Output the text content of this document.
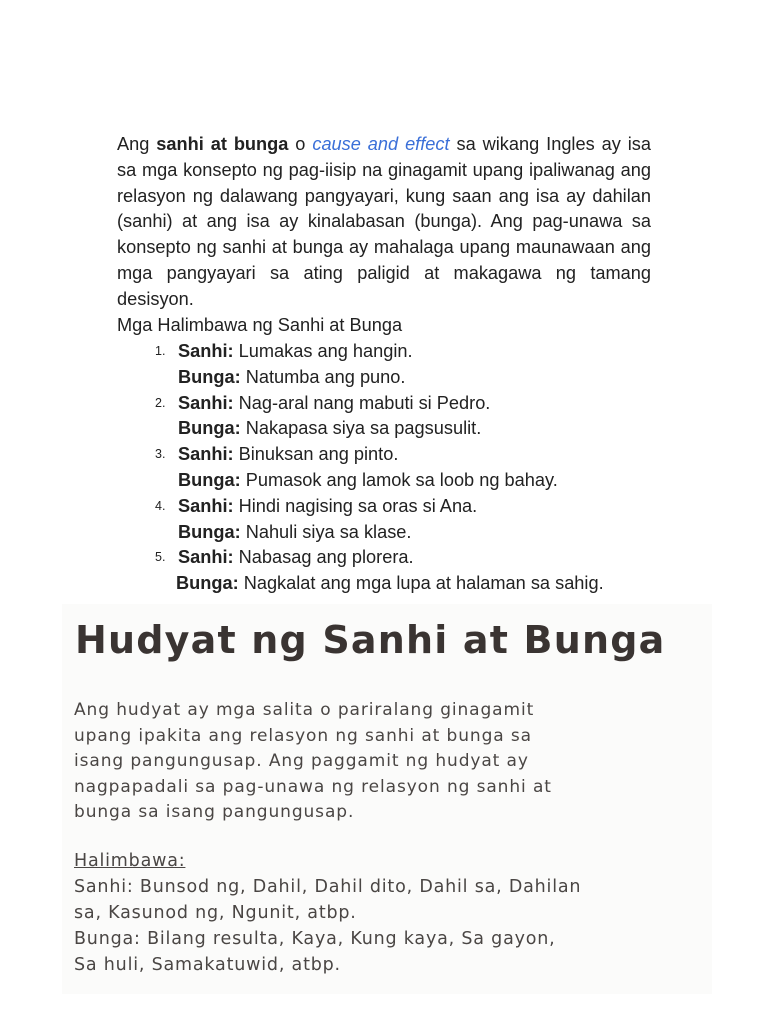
Ang sanhi at bunga o cause and effect sa wikang Ingles ay isa sa mga konsepto ng pag-iisip na ginagamit upang ipaliwanag ang relasyon ng dalawang pangyayari, kung saan ang isa ay dahilan (sanhi) at ang isa ay kinalabasan (bunga). Ang pag-unawa sa konsepto ng sanhi at bunga ay mahalaga upang maunawaan ang mga pangyayari sa ating paligid at makagawa ng tamang desisyon.

Mga Halimbawa ng Sanhi at Bunga

1. Sanhi: Lumakas ang hangin.
Bunga: Natumba ang puno.
2. Sanhi: Nag-aral nang mabuti si Pedro.
Bunga: Nakapasa siya sa pagsusulit.
3. Sanhi: Binuksan ang pinto.
Bunga: Pumasok ang lamok sa loob ng bahay.
4. Sanhi: Hindi nagising sa oras si Ana.
Bunga: Nahuli siya sa klase.
5. Sanhi: Nabasag ang plorera.
Bunga: Nagkalat ang mga lupa at halaman sa sahig.
Hudyat ng Sanhi at Bunga

Ang hudyat ay mga salita o pariralang ginagamit
upang ipakita ang relasyon ng sanhi at bunga sa
isang pangungusap. Ang paggamit ng hudyat ay
nagpapadali sa pag-unawa ng relasyon ng sanhi at
bunga sa isang pangungusap.

Halimbawa:

Sanhi: Bunsod ng, Dahil, Dahil dito, Dahil sa, Dahilan
sa, Kasunod ng, Ngunit, atbp.
Bunga: Bilang resulta, Kaya, Kung kaya, Sa gayon,
Sa huli, Samakatuwid, atbp.
